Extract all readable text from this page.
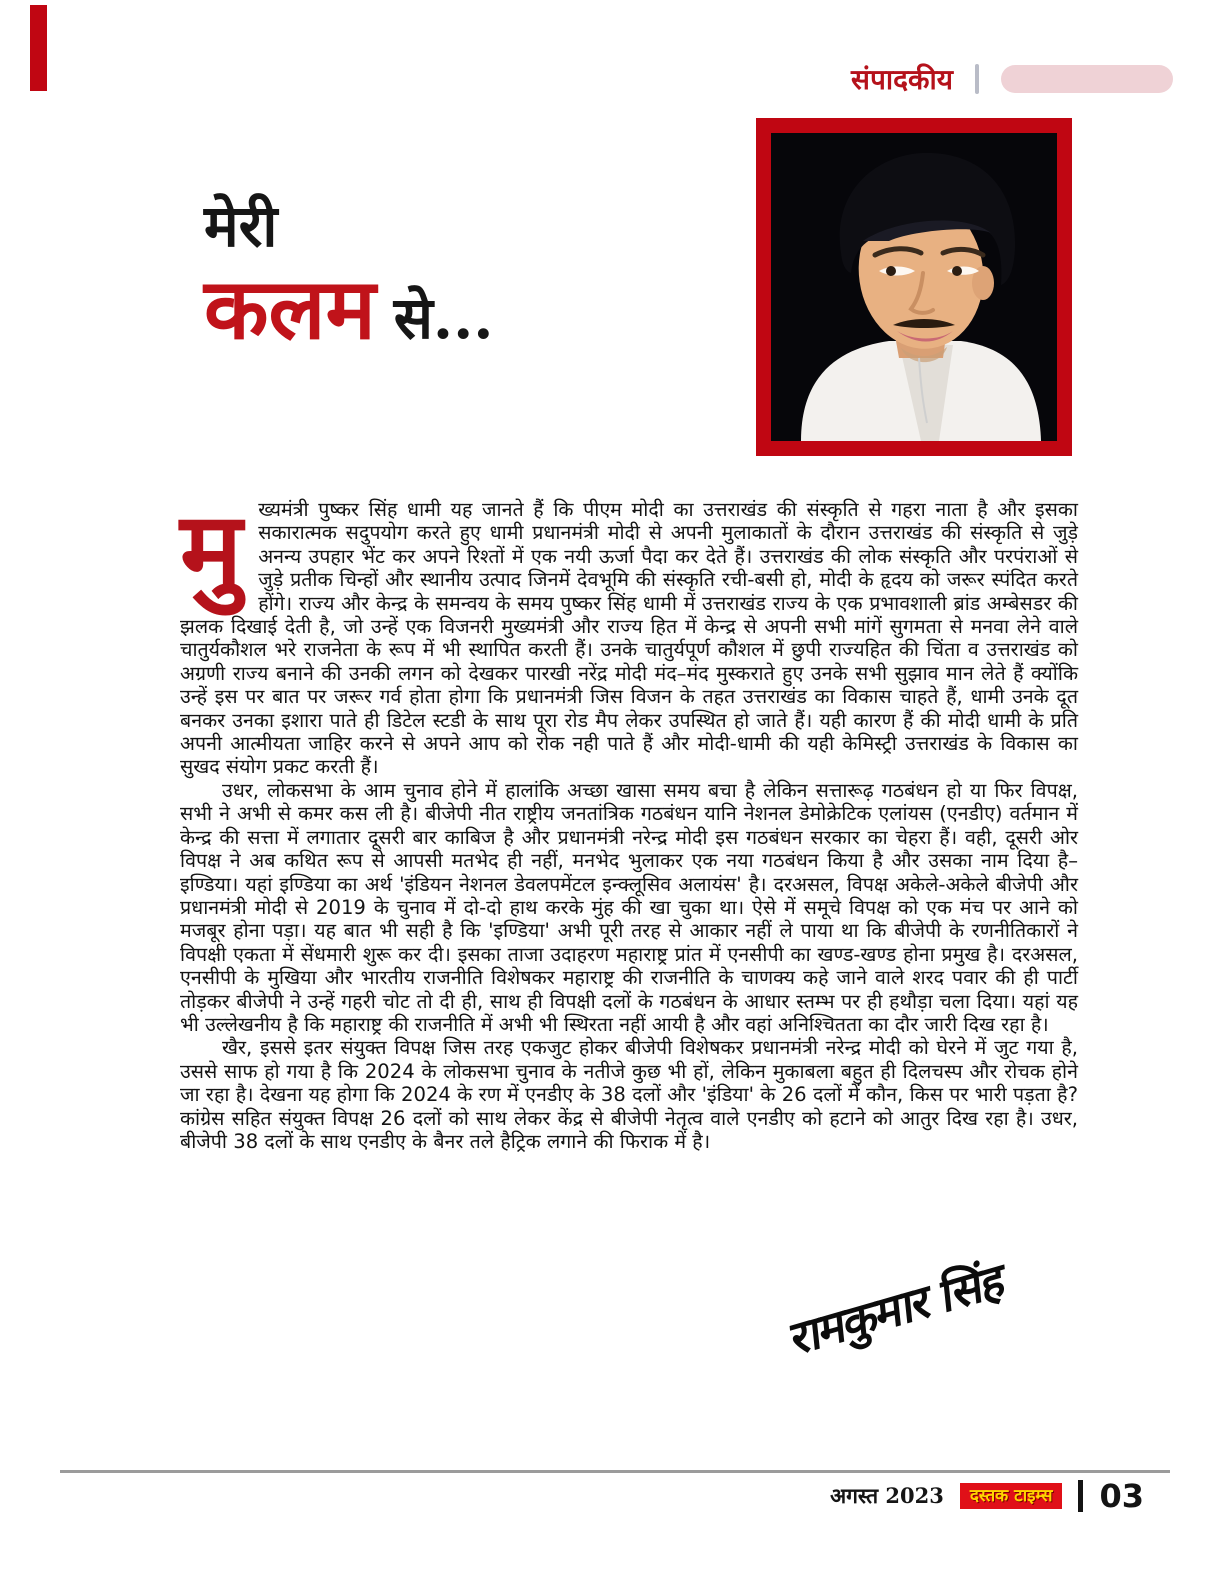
संपादकीय
मेरी
कलम से...

मुख्यमंत्री पुष्कर सिंह धामी यह जानते हैं कि पीएम मोदी का उत्तराखंड की संस्कृति से गहरा नाता है और इसका सकारात्मक सदुपयोग करते हुए धामी प्रधानमंत्री मोदी से अपनी मुलाकातों के दौरान उत्तराखंड की संस्कृति से जुड़े अनन्य उपहार भेंट कर अपने रिश्तों में एक नयी ऊर्जा पैदा कर देते हैं। उत्तराखंड की लोक संस्कृति और परपंराओं से जुड़े प्रतीक चिन्हों और स्थानीय उत्पाद जिनमें देवभूमि की संस्कृति रची-बसी हो, मोदी के हृदय को जरूर स्पंदित करते होंगे। राज्य और केन्द्र के समन्वय के समय पुष्कर सिंह धामी में उत्तराखंड राज्य के एक प्रभावशाली ब्रांड अम्बेसडर की झलक दिखाई देती है, जो उन्हें एक विजनरी मुख्यमंत्री और राज्य हित में केन्द्र से अपनी सभी मांगें सुगमता से मनवा लेने वाले चातुर्यकौशल भरे राजनेता के रूप में भी स्थापित करती हैं। उनके चातुर्यपूर्ण कौशल में छुपी राज्यहित की चिंता व उत्तराखंड को अग्रणी राज्य बनाने की उनकी लगन को देखकर पारखी नरेंद्र मोदी मंद–मंद मुस्कराते हुए उनके सभी सुझाव मान लेते हैं क्योंकि उन्हें इस पर बात पर जरूर गर्व होता होगा कि प्रधानमंत्री जिस विजन के तहत उत्तराखंड का विकास चाहते हैं, धामी उनके दूत बनकर उनका इशारा पाते ही डिटेल स्टडी के साथ पूरा रोड मैप लेकर उपस्थित हो जाते हैं। यही कारण हैं की मोदी धामी के प्रति अपनी आत्मीयता जाहिर करने से अपने आप को रोक नही पाते हैं और मोदी-धामी की यही केमिस्ट्री उत्तराखंड के विकास का सुखद संयोग प्रकट करती हैं।

उधर, लोकसभा के आम चुनाव होने में हालांकि अच्छा खासा समय बचा है लेकिन सत्तारूढ़ गठबंधन हो या फिर विपक्ष, सभी ने अभी से कमर कस ली है। बीजेपी नीत राष्ट्रीय जनतांत्रिक गठबंधन यानि नेशनल डेमोक्रेटिक एलांयस (एनडीए) वर्तमान में केन्द्र की सत्ता में लगातार दूसरी बार काबिज है और प्रधानमंत्री नरेन्द्र मोदी इस गठबंधन सरकार का चेहरा हैं। वही, दूसरी ओर विपक्ष ने अब कथित रूप से आपसी मतभेद ही नहीं, मनभेद भुलाकर एक नया गठबंधन किया है और उसका नाम दिया है–इण्डिया। यहां इण्डिया का अर्थ 'इंडियन नेशनल डेवलपमेंटल इन्क्लूसिव अलायंस' है। दरअसल, विपक्ष अकेले-अकेले बीजेपी और प्रधानमंत्री मोदी से 2019 के चुनाव में दो-दो हाथ करके मुंह की खा चुका था। ऐसे में समूचे विपक्ष को एक मंच पर आने को मजबूर होना पड़ा। यह बात भी सही है कि 'इण्डिया' अभी पूरी तरह से आकार नहीं ले पाया था कि बीजेपी के रणनीतिकारों ने विपक्षी एकता में सेंधमारी शुरू कर दी। इसका ताजा उदाहरण महाराष्ट्र प्रांत में एनसीपी का खण्ड-खण्ड होना प्रमुख है। दरअसल, एनसीपी के मुखिया और भारतीय राजनीति विशेषकर महाराष्ट्र की राजनीति के चाणक्य कहे जाने वाले शरद पवार की ही पार्टी तोड़कर बीजेपी ने उन्हें गहरी चोट तो दी ही, साथ ही विपक्षी दलों के गठबंधन के आधार स्तम्भ पर ही हथौड़ा चला दिया। यहां यह भी उल्लेखनीय है कि महाराष्ट्र की राजनीति में अभी भी स्थिरता नहीं आयी है और वहां अनिश्चितता का दौर जारी दिख रहा है।

खैर, इससे इतर संयुक्त विपक्ष जिस तरह एकजुट होकर बीजेपी विशेषकर प्रधानमंत्री नरेन्द्र मोदी को घेरने में जुट गया है, उससे साफ हो गया है कि 2024 के लोकसभा चुनाव के नतीजे कुछ भी हों, लेकिन मुकाबला बहुत ही दिलचस्प और रोचक होने जा रहा है। देखना यह होगा कि 2024 के रण में एनडीए के 38 दलों और 'इंडिया' के 26 दलों में कौन, किस पर भारी पड़ता है? कांग्रेस सहित संयुक्त विपक्ष 26 दलों को साथ लेकर केंद्र से बीजेपी नेतृत्व वाले एनडीए को हटाने को आतुर दिख रहा है। उधर, बीजेपी 38 दलों के साथ एनडीए के बैनर तले हैट्रिक लगाने की फिराक में है।

रामकुमार सिंह
अगस्त 2023	दस्तक टाइम्स	03
